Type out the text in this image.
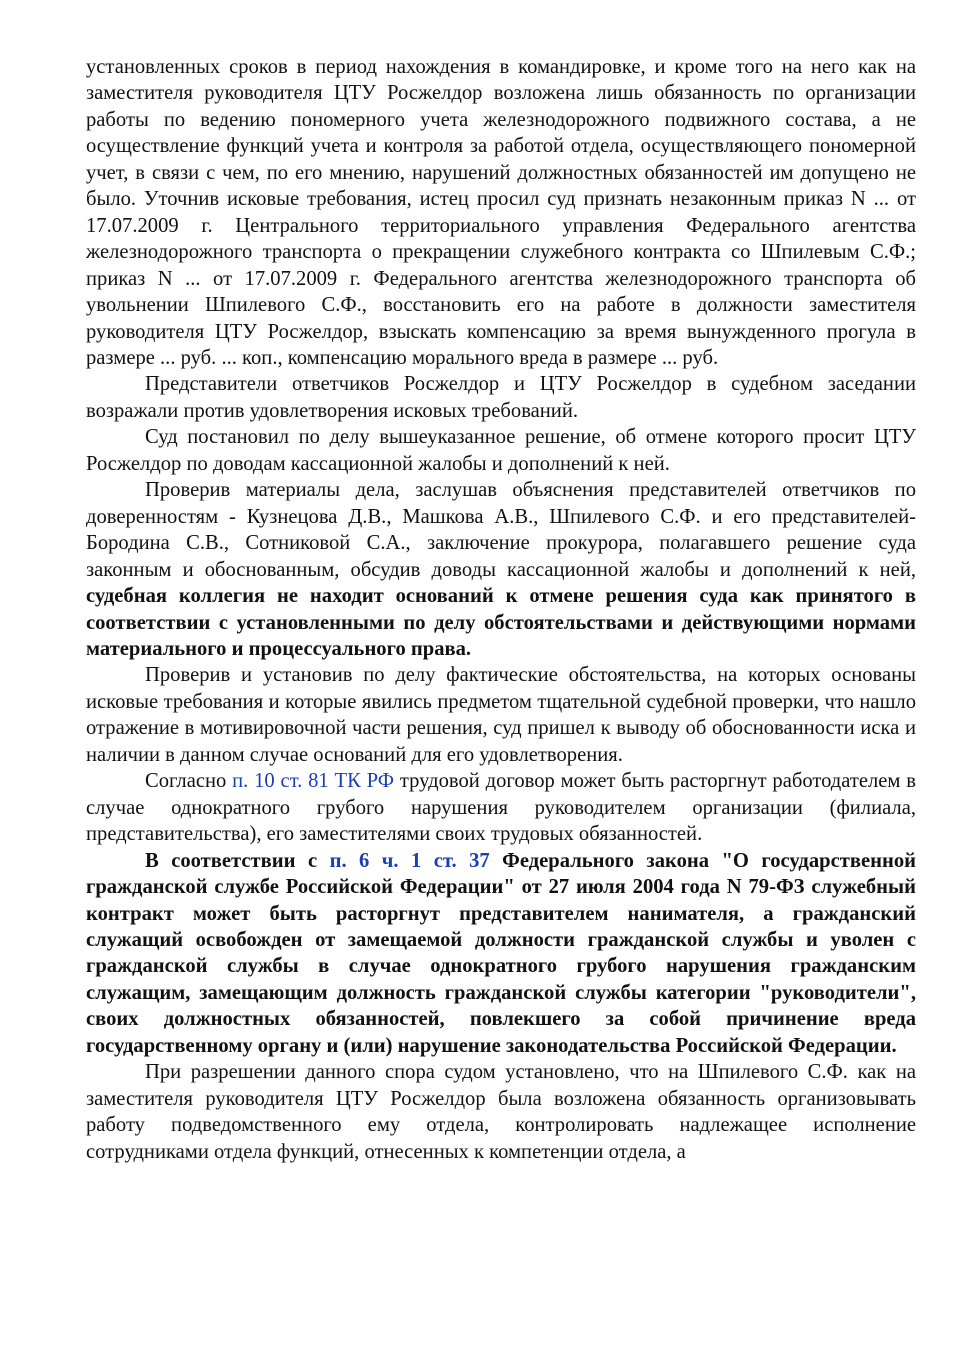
установленных сроков в период нахождения в командировке, и кроме того на него как на заместителя руководителя ЦТУ Росжелдор возложена лишь обязанность по организации работы по ведению пономерного учета железнодорожного подвижного состава, а не осуществление функций учета и контроля за работой отдела, осуществляющего пономерной учет, в связи с чем, по его мнению, нарушений должностных обязанностей им допущено не было. Уточнив исковые требования, истец просил суд признать незаконным приказ N ... от 17.07.2009 г. Центрального территориального управления Федерального агентства железнодорожного транспорта о прекращении служебного контракта со Шпилевым С.Ф.; приказ N ... от 17.07.2009 г. Федерального агентства железнодорожного транспорта об увольнении Шпилевого С.Ф., восстановить его на работе в должности заместителя руководителя ЦТУ Росжелдор, взыскать компенсацию за время вынужденного прогула в размере ... руб. ... коп., компенсацию морального вреда в размере ... руб.

Представители ответчиков Росжелдор и ЦТУ Росжелдор в судебном заседании возражали против удовлетворения исковых требований.

Суд постановил по делу вышеуказанное решение, об отмене которого просит ЦТУ Росжелдор по доводам кассационной жалобы и дополнений к ней.

Проверив материалы дела, заслушав объяснения представителей ответчиков по доверенностям - Кузнецова Д.В., Машкова А.В., Шпилевого С.Ф. и его представителей- Бородина С.В., Сотниковой С.А., заключение прокурора, полагавшего решение суда законным и обоснованным, обсудив доводы кассационной жалобы и дополнений к ней, судебная коллегия не находит оснований к отмене решения суда как принятого в соответствии с установленными по делу обстоятельствами и действующими нормами материального и процессуального права.

Проверив и установив по делу фактические обстоятельства, на которых основаны исковые требования и которые явились предметом тщательной судебной проверки, что нашло отражение в мотивировочной части решения, суд пришел к выводу об обоснованности иска и наличии в данном случае оснований для его удовлетворения.

Согласно п. 10 ст. 81 ТК РФ трудовой договор может быть расторгнут работодателем в случае однократного грубого нарушения руководителем организации (филиала, представительства), его заместителями своих трудовых обязанностей.

В соответствии с п. 6 ч. 1 ст. 37 Федерального закона "О государственной гражданской службе Российской Федерации" от 27 июля 2004 года N 79-ФЗ служебный контракт может быть расторгнут представителем нанимателя, а гражданский служащий освобожден от замещаемой должности гражданской службы и уволен с гражданской службы в случае однократного грубого нарушения гражданским служащим, замещающим должность гражданской службы категории "руководители", своих должностных обязанностей, повлекшего за собой причинение вреда государственному органу и (или) нарушение законодательства Российской Федерации.

При разрешении данного спора судом установлено, что на Шпилевого С.Ф. как на заместителя руководителя ЦТУ Росжелдор была возложена обязанность организовывать работу подведомственного ему отдела, контролировать надлежащее исполнение сотрудниками отдела функций, отнесенных к компетенции отдела, а
